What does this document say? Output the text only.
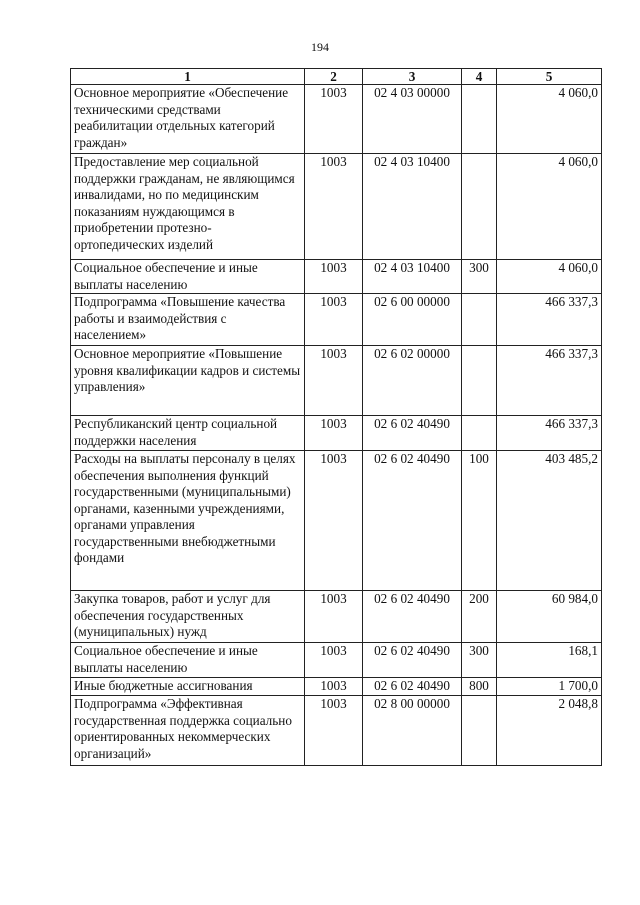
194
1	2	3	4	5
Основное мероприятие «Обеспечение техническими средствами реабилитации отдельных категорий граждан»	1003	02 4 03 00000		4 060,0
Предоставление мер социальной поддержки гражданам, не являющимся инвалидами, но по медицинским показаниям нуждающимся в приобретении протезно-ортопедических изделий	1003	02 4 03 10400		4 060,0
Социальное обеспечение и иные выплаты населению	1003	02 4 03 10400	300	4 060,0
Подпрограмма «Повышение качества работы и взаимодействия с населением»	1003	02 6 00 00000		466 337,3
Основное мероприятие «Повышение уровня квалификации кадров и системы управления»	1003	02 6 02 00000		466 337,3
Республиканский центр социальной поддержки населения	1003	02 6 02 40490		466 337,3
Расходы на выплаты персоналу в целях обеспечения выполнения функций государственными (муниципальными) органами, казенными учреждениями, органами управления государственными внебюджетными фондами	1003	02 6 02 40490	100	403 485,2
Закупка товаров, работ и услуг для обеспечения государственных (муниципальных) нужд	1003	02 6 02 40490	200	60 984,0
Социальное обеспечение и иные выплаты населению	1003	02 6 02 40490	300	168,1
Иные бюджетные ассигнования	1003	02 6 02 40490	800	1 700,0
Подпрограмма «Эффективная государственная поддержка социально ориентированных некоммерческих организаций»	1003	02 8 00 00000		2 048,8
